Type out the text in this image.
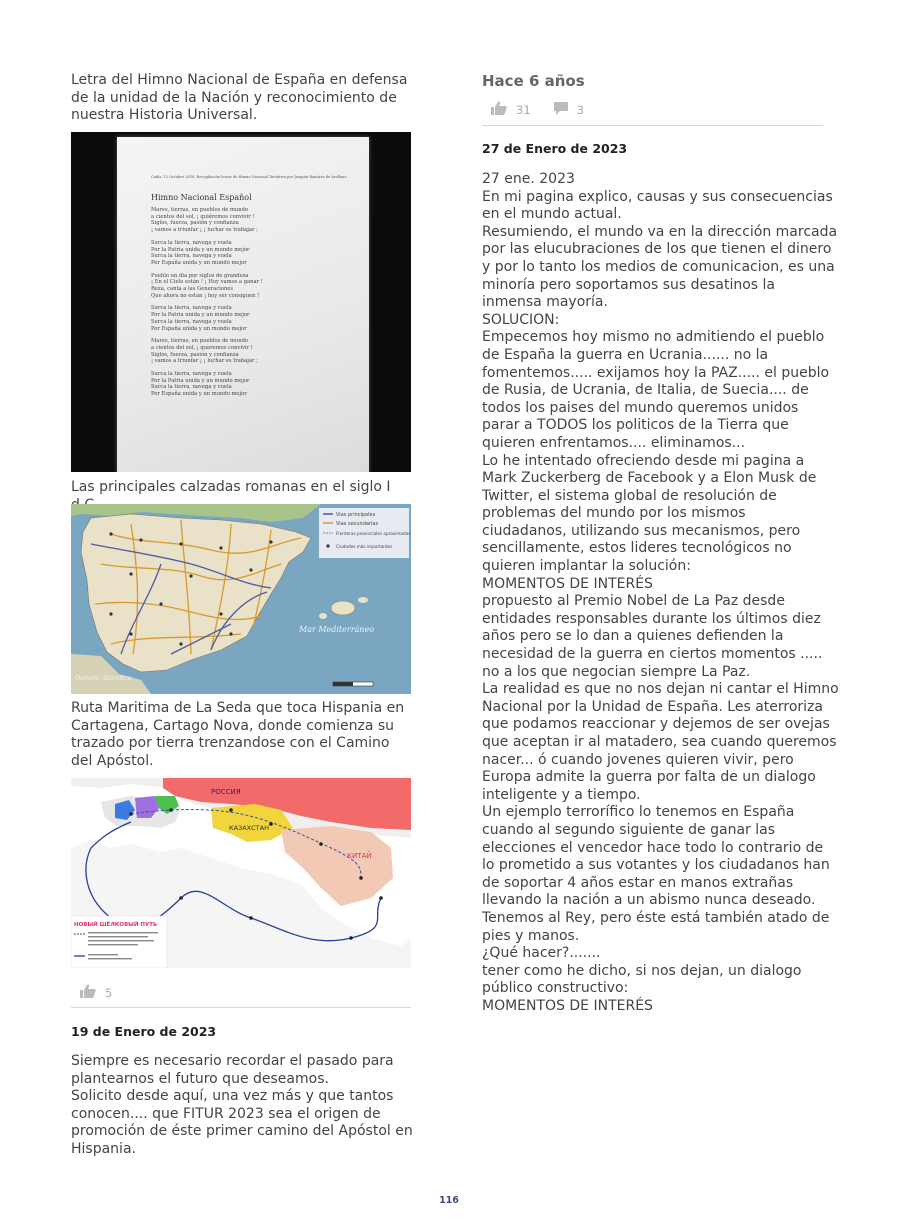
Letra del Himno Nacional de España en defensa de la unidad de la Nación y reconocimiento de nuestra Historia Universal.

Cadiz, 12 Octubre 2016. Recopilación letras de Himno Nacional Tentativa por Joaquín Ramírez de Arellano
Himno Nacional Español
Mares, tierras, en pueblos de mundo
a cientos del sol, ¡ quiéremos convivir !
Siglos, fuerza, pasión y confianza
¡ vamos a triunfar ¡ ¡ luchar es trabajar ;
Surca la tierra, navega y vuela
Por la Patria unida y un mundo mejor
Surca la tierra, navega y vuela
Por España unida y un mundo mejor
Pueblo un dia por siglos de grandeza
¡ En el Cielo están ! ¡ Hoy vamos a ganar !
Reza, canta a las Generaciones
Que ahora no estan ¡ hoy ser consiguen !
Surca la tierra, navega y vuela
Por la Patria unida y un mundo mejor
Surca la tierra, navega y vuela
Por España unida y un mundo mejor
Mares, tierras, en pueblos de mundo
a cientos del sol, ¡ queremos convivir !
Siglos, fuerza, pasión y confianza
¡ vamos a triunfar ¡ ¡ luchar es trabajar ;
Surca la tierra, navega y vuela
Por la Patria unida y un mundo mejor
Surca la tierra, navega y vuela
Por España unida y un mundo mejor

Las principales calzadas romanas en el siglo I

Vias principales
Vias secundarias
Fronteras provinciales aproximadas
Ciudades más importantes
Mar Mediterráneo
Océano Atlántico

Ruta Maritima de La Seda que toca Hispania en Cartagena, Cartago Nova, donde comienza su trazado por tierra trenzandose con el Camino del Apóstol.

РОССИЯ
КАЗАХСТАН
КИТАЙ
НОВЫЙ ШЁЛКОВЫЙ ПУТЬ
5

19 de Enero de 2023

Siempre es necesario recordar el pasado para
plantearnos el futuro que deseamos.
Solicito desde aquí, una vez más y que tantos
conocen.... que FITUR 2023 sea el origen de
promoción de éste primer camino del Apóstol en
Hispania.

Hace 6 años

31	3

27 de Enero de 2023

27 ene. 2023
En mi pagina explico, causas y sus consecuencias
en el mundo actual.
Resumiendo, el mundo va en la dirección marcada
por las elucubraciones de los que tienen el dinero
y por lo tanto los medios de comunicacion, es una
minoría pero soportamos sus desatinos la
inmensa mayoría.
SOLUCION:
Empecemos hoy mismo no admitiendo el pueblo
de España la guerra en Ucrania...... no la
fomentemos..... exijamos hoy la PAZ..... el pueblo
de Rusia, de Ucrania, de Italia, de Suecia.... de
todos los paises del mundo queremos unidos
parar a TODOS los politicos de la Tierra que
quieren enfrentamos.... eliminamos...
Lo he intentado ofreciendo desde mi pagina a
Mark Zuckerberg de Facebook y a Elon Musk de
Twitter, el sistema global de resolución de
problemas del mundo por los mismos
ciudadanos, utilizando sus mecanismos, pero
sencillamente, estos lideres tecnológicos no
quieren implantar la solución:
MOMENTOS DE INTERÉS
propuesto al Premio Nobel de La Paz desde
entidades responsables durante los últimos diez
años pero se lo dan a quienes defienden la
necesidad de la guerra en ciertos momentos .....
no a los que negocian siempre La Paz.
La realidad es que no nos dejan ni cantar el Himno
Nacional por la Unidad de España. Les aterroriza
que podamos reaccionar y dejemos de ser ovejas
que aceptan ir al matadero, sea cuando queremos
nacer... ó cuando jovenes quieren vivir, pero
Europa admite la guerra por falta de un dialogo
inteligente y a tiempo.
Un ejemplo terrorífico lo tenemos en España
cuando al segundo siguiente de ganar las
elecciones el vencedor hace todo lo contrario de
lo prometido a sus votantes y los ciudadanos han
de soportar 4 años estar en manos extrañas
llevando la nación a un abismo nunca deseado.
Tenemos al Rey, pero éste está también atado de
pies y manos.
¿Qué hacer?.......
tener como he dicho, si nos dejan, un dialogo
público constructivo:
MOMENTOS DE INTERÉS
116
